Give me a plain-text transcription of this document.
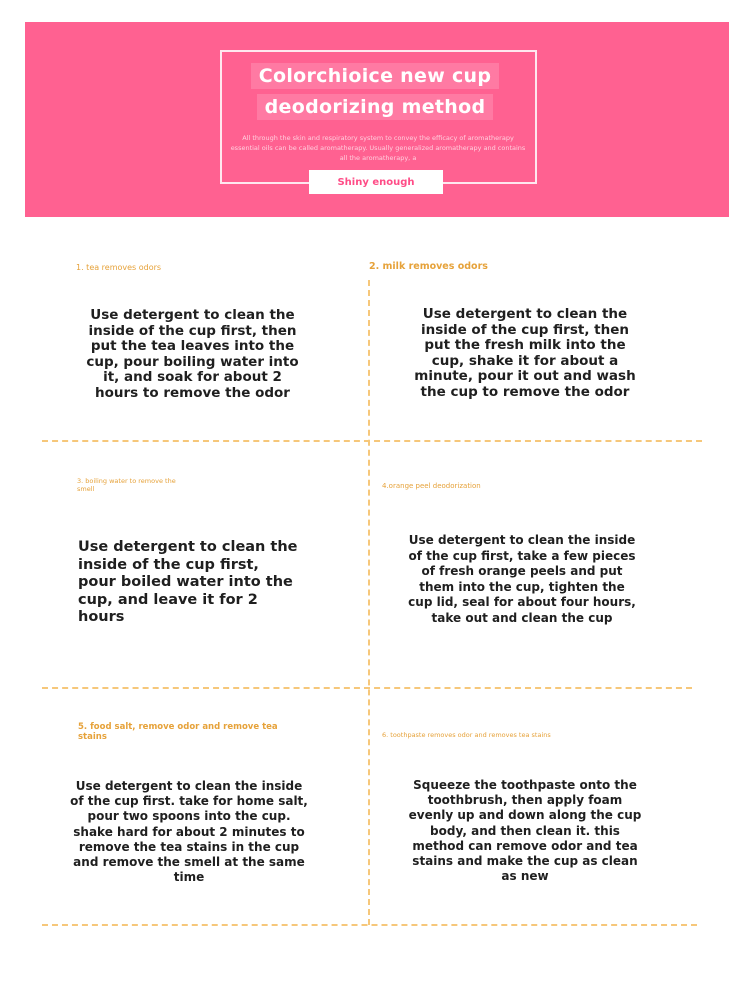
Colorchioice new cup
deodorizing method
All through the skin and respiratory system to convey the efficacy of aromatherapy essential oils can be called aromatherapy. Usually generalized aromatherapy and contains all the aromatherapy, a
Shiny enough
1. tea removes odors
Use detergent to clean the inside of the cup first, then put the tea leaves into the cup, pour boiling water into it, and soak for about 2 hours to remove the odor
2. milk removes odors
Use detergent to clean the inside of the cup first, then put the fresh milk into the cup, shake it for about a minute, pour it out and wash the cup to remove the odor
3. boiling water to remove the smell
Use detergent to clean the inside of the cup first, pour boiled water into the cup, and leave it for 2 hours
4.orange peel deodorization
Use detergent to clean the inside of the cup first, take a few pieces of fresh orange peels and put them into the cup, tighten the cup lid, seal for about four hours, take out and clean the cup
5. food salt, remove odor and remove tea stains
Use detergent to clean the inside of the cup first. take for home salt, pour two spoons into the cup. shake hard for about 2 minutes to remove the tea stains in the cup and remove the smell at the same time
6. toothpaste removes odor and removes tea stains
Squeeze the toothpaste onto the toothbrush, then apply foam evenly up and down along the cup body, and then clean it. this method can remove odor and tea stains and make the cup as clean as new
